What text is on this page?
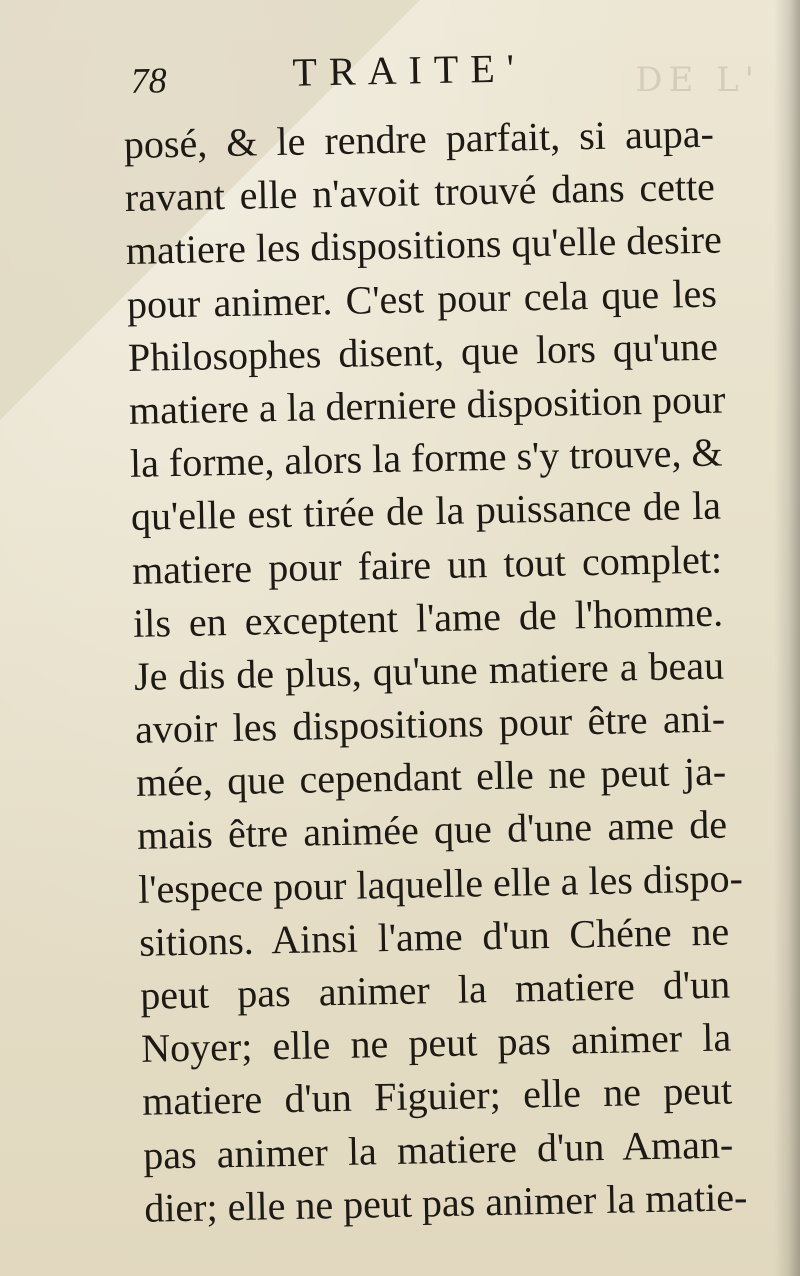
DE L'
78	TRAITE'
posé, & le rendre parfait, si aupa-
ravant elle n'avoit trouvé dans cette
matiere les dispositions qu'elle desire
pour animer. C'est pour cela que les
Philosophes disent, que lors qu'une
matiere a la derniere disposition pour
la forme, alors la forme s'y trouve, &
qu'elle est tirée de la puissance de la
matiere pour faire un tout complet:
ils en exceptent l'ame de l'homme.
Je dis de plus, qu'une matiere a beau
avoir les dispositions pour être ani-
mée, que cependant elle ne peut ja-
mais être animée que d'une ame de
l'espece pour laquelle elle a les dispo-
sitions. Ainsi l'ame d'un Chéne ne
peut pas animer la matiere d'un
Noyer; elle ne peut pas animer la
matiere d'un Figuier; elle ne peut
pas animer la matiere d'un Aman-
dier; elle ne peut pas animer la matie-
